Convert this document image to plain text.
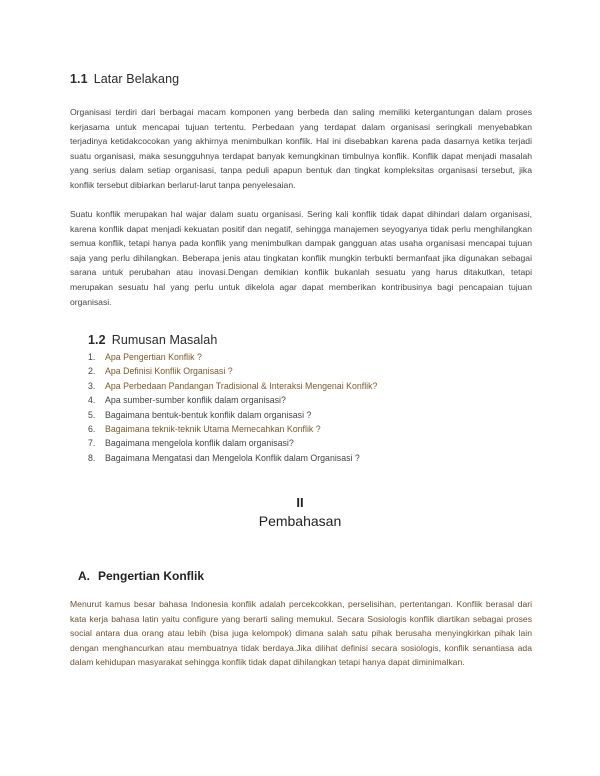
1.1 Latar Belakang

Organisasi terdiri dari berbagai macam komponen yang berbeda dan saling memiliki ketergantungan dalam proses kerjasama untuk mencapai tujuan tertentu. Perbedaan yang terdapat dalam organisasi seringkali menyebabkan terjadinya ketidakcocokan yang akhirnya menimbulkan konflik. Hal ini disebabkan karena pada dasarnya ketika terjadi suatu organisasi, maka sesungguhnya terdapat banyak kemungkinan timbulnya konflik. Konflik dapat menjadi masalah yang serius dalam setiap organisasi, tanpa peduli apapun bentuk dan tingkat kompleksitas organisasi tersebut, jika konflik tersebut dibiarkan berlarut-larut tanpa penyelesaian.

Suatu konflik merupakan hal wajar dalam suatu organisasi. Sering kali konflik tidak dapat dihindari dalam organisasi, karena konflik dapat menjadi kekuatan positif dan negatif, sehingga manajemen seyogyanya tidak perlu menghilangkan semua konflik, tetapi hanya pada konflik yang menimbulkan dampak gangguan atas usaha organisasi mencapai tujuan saja yang perlu dihilangkan. Beberapa jenis atau tingkatan konflik mungkin terbukti bermanfaat jika digunakan sebagai sarana untuk perubahan atau inovasi.Dengan demikian konflik bukanlah sesuatu yang harus ditakutkan, tetapi merupakan sesuatu hal yang perlu untuk dikelola agar dapat memberikan kontribusinya bagi pencapaian tujuan organisasi.

1.2 Rumusan Masalah
1.	Apa Pengertian Konflik ?
2.	Apa Definisi Konflik Organisasi ?
3.	Apa Perbedaan Pandangan Tradisional & Interaksi Mengenai Konflik?
4.	Apa sumber-sumber konflik dalam organisasi?
5.	Bagaimana bentuk-bentuk konflik dalam organisasi ?
6.	Bagaimana teknik-teknik Utama Memecahkan Konflik ?
7.	Bagaimana mengelola konflik dalam organisasi?
8.	Bagaimana Mengatasi dan Mengelola Konflik dalam Organisasi ?
II
Pembahasan
A. Pengertian Konflik

Menurut kamus besar bahasa Indonesia konflik adalah percekcokkan, perselisihan, pertentangan. Konflik berasal dari kata kerja bahasa latin yaitu configure yang berarti saling memukul. Secara Sosiologis konflik diartikan sebagai proses social antara dua orang atau lebih (bisa juga kelompok) dimana salah satu pihak berusaha menyingkirkan pihak lain dengan menghancurkan atau membuatnya tidak berdaya.Jika dilihat definisi secara sosiologis, konflik senantiasa ada dalam kehidupan masyarakat sehingga konflik tidak dapat dihilangkan tetapi hanya dapat diminimalkan.
